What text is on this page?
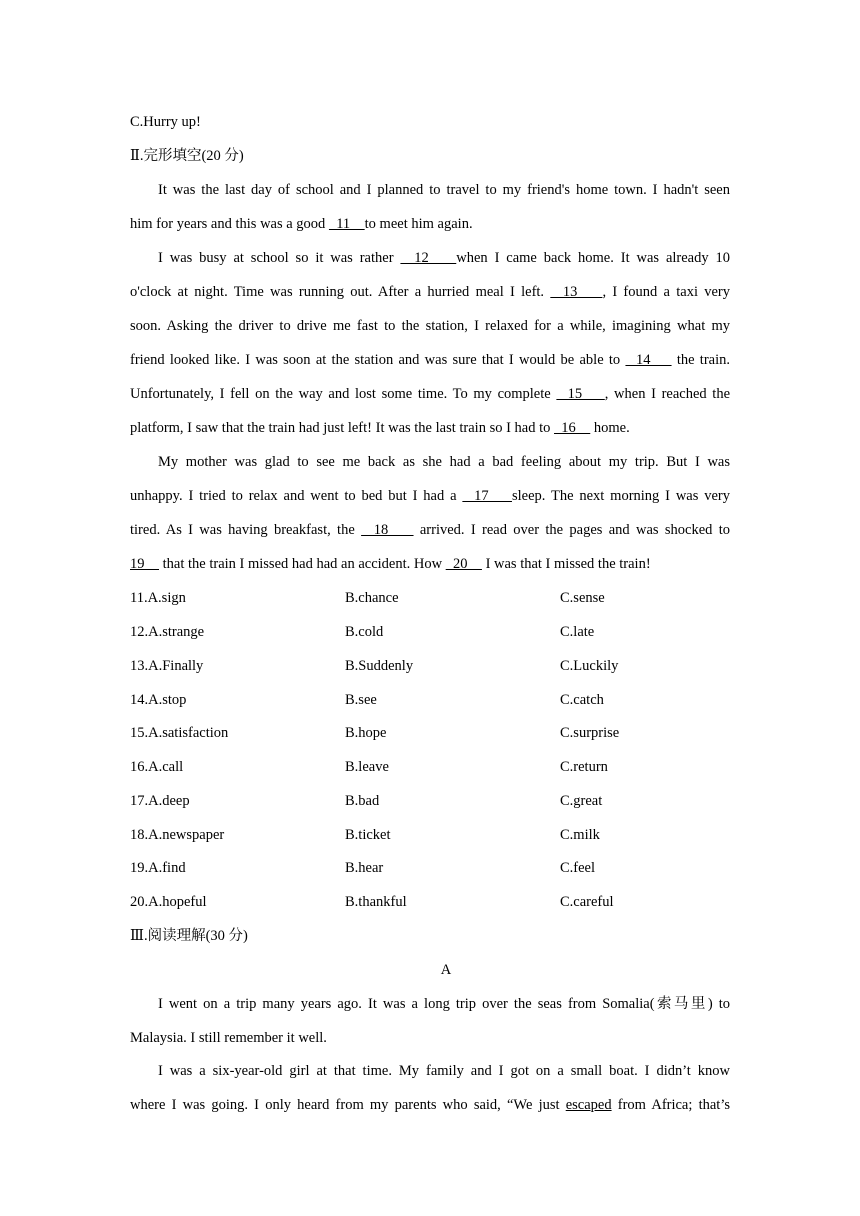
C.Hurry up!
Ⅱ.完形填空(20 分)
It was the last day of school and I planned to travel to my friend's home town. I hadn't seen
him for years and this was a good   11    to meet him again.
I was busy at school so it was rather   12    when I came back home. It was already 10
o'clock at night. Time was running out. After a hurried meal I left.   13    , I found a taxi very
soon. Asking the driver to drive me fast to the station, I relaxed for a while, imagining what my
friend looked like. I was soon at the station and was sure that I would be able to   14     the train.
Unfortunately, I fell on the way and lost some time. To my complete   15    , when I reached the
platform, I saw that the train had just left! It was the last train so I had to   16     home.
My mother was glad to see me back as she had a bad feeling about my trip. But I was
unhappy. I tried to relax and went to bed but I had a   17    sleep. The next morning I was very
tired. As I was having breakfast, the   18     arrived. I read over the pages and was shocked to
19     that the train I missed had had an accident. How   20     I was that I missed the train!
11.A.sign	B.chance	C.sense
12.A.strange	B.cold	C.late
13.A.Finally	B.Suddenly	C.Luckily
14.A.stop	B.see	C.catch
15.A.satisfaction	B.hope	C.surprise
16.A.call	B.leave	C.return
17.A.deep	B.bad	C.great
18.A.newspaper	B.ticket	C.milk
19.A.find	B.hear	C.feel
20.A.hopeful	B.thankful	C.careful
Ⅲ.阅读理解(30 分)
A
I went on a trip many years ago. It was a long trip over the seas from Somalia(索马里) to
Malaysia. I still remember it well.
I was a six-year-old girl at that time. My family and I got on a small boat. I didn’t know
where I was going. I only heard from my parents who said, “We just escaped from Africa; that’s
